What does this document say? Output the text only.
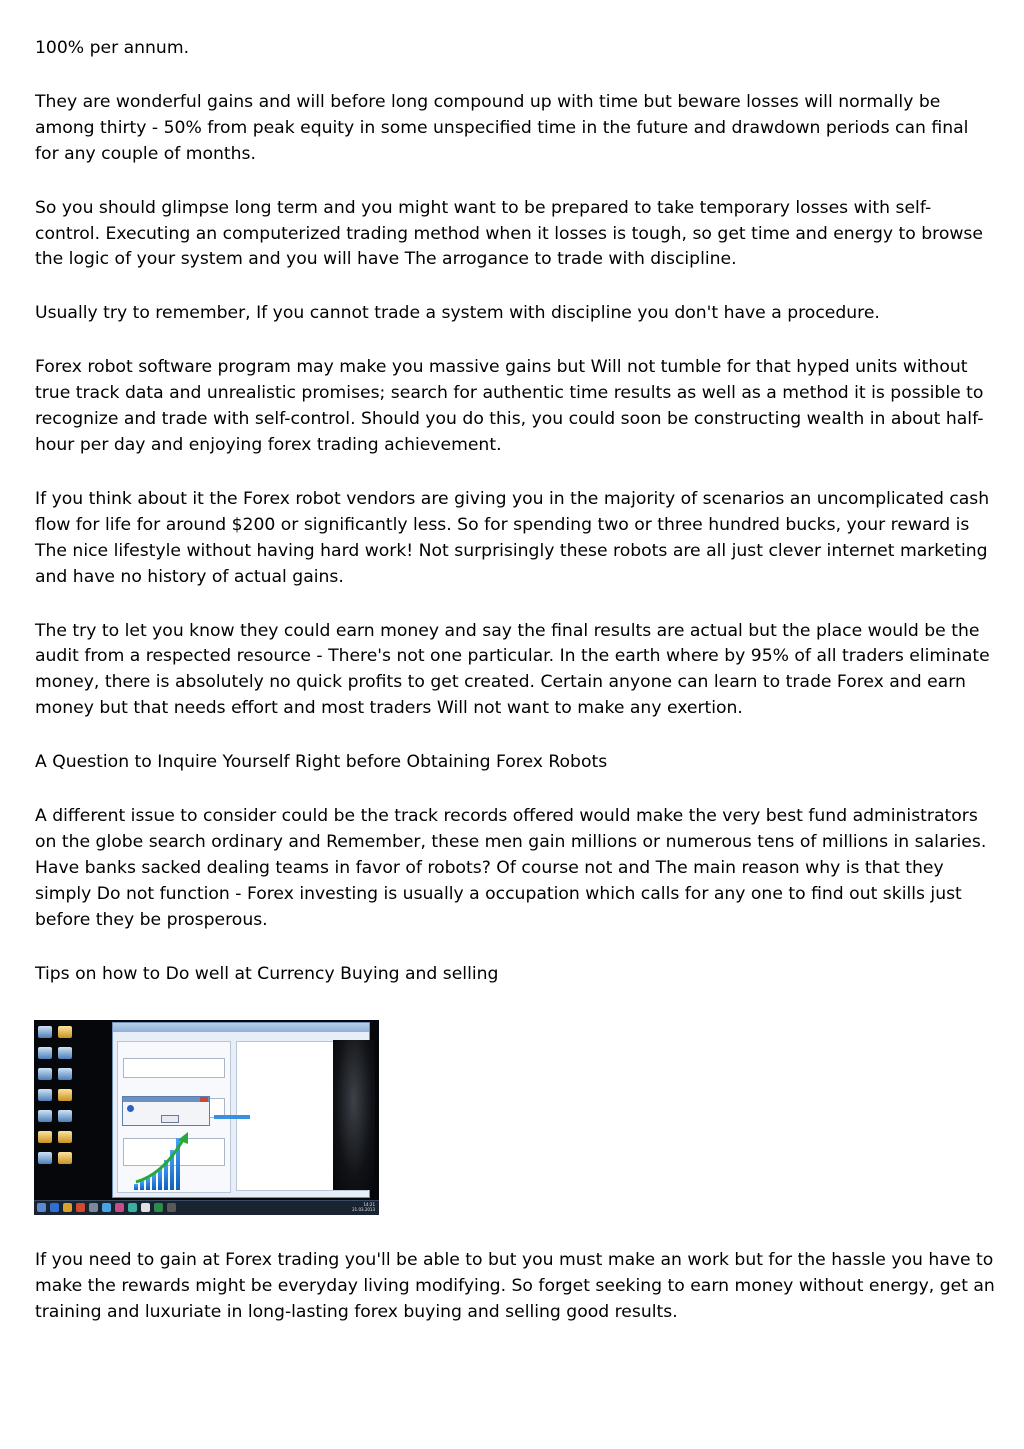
100% per annum.

They are wonderful gains and will before long compound up with time but beware losses will normally be among thirty - 50% from peak equity in some unspecified time in the future and drawdown periods can final for any couple of months.

So you should glimpse long term and you might want to be prepared to take temporary losses with self-control. Executing an computerized trading method when it losses is tough, so get time and energy to browse the logic of your system and you will have The arrogance to trade with discipline.

Usually try to remember, If you cannot trade a system with discipline you don't have a procedure.

Forex robot software program may make you massive gains but Will not tumble for that hyped units without true track data and unrealistic promises; search for authentic time results as well as a method it is possible to recognize and trade with self-control. Should you do this, you could soon be constructing wealth in about half-hour per day and enjoying forex trading achievement.

If you think about it the Forex robot vendors are giving you in the majority of scenarios an uncomplicated cash flow for life for around $200 or significantly less. So for spending two or three hundred bucks, your reward is The nice lifestyle without having hard work! Not surprisingly these robots are all just clever internet marketing and have no history of actual gains.

The try to let you know they could earn money and say the final results are actual but the place would be the audit from a respected resource - There's not one particular. In the earth where by 95% of all traders eliminate money, there is absolutely no quick profits to get created. Certain anyone can learn to trade Forex and earn money but that needs effort and most traders Will not want to make any exertion.

A Question to Inquire Yourself Right before Obtaining Forex Robots

A different issue to consider could be the track records offered would make the very best fund administrators on the globe search ordinary and Remember, these men gain millions or numerous tens of millions in salaries. Have banks sacked dealing teams in favor of robots? Of course not and The main reason why is that they simply Do not function - Forex investing is usually a occupation which calls for any one to find out skills just before they be prosperous.

Tips on how to Do well at Currency Buying and selling

14:21
21.03.2013

If you need to gain at Forex trading you'll be able to but you must make an work but for the hassle you have to make the rewards might be everyday living modifying. So forget seeking to earn money without energy, get an training and luxuriate in long-lasting forex buying and selling good results.
